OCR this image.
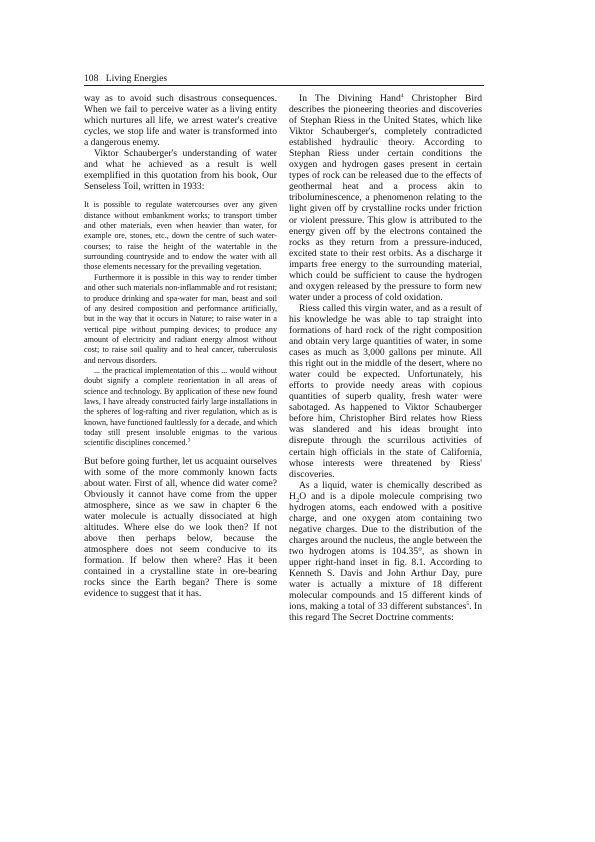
108 Living Energies

way as to avoid such disastrous consequences. When we fail to perceive water as a living entity which nurtures all life, we arrest water's creative cycles, we stop life and water is transformed into a dangerous enemy.

Viktor Schauberger's understanding of water and what he achieved as a result is well exemplified in this quotation from his book, Our Senseless Toil, written in 1933:

It is possible to regulate watercourses over any given distance without embankment works; to transport timber and other materials, even when heavier than water, for example ore, stones, etc., down the centre of such water-courses; to raise the height of the watertable in the surrounding countryside and to endow the water with all those elements necessary for the prevailing vegetation.

Furthermore it is possible in this way to render timber and other such materials non-inflammable and rot resistant; to produce drinking and spa-water for man, beast and soil of any desired composition and performance artificially, but in the way that it occurs in Nature; to raise water in a vertical pipe without pumping devices; to produce any amount of electricity and radiant energy almost without cost; to raise soil quality and to heal cancer, tuberculosis and nervous disorders.

... the practical implementation of this ... would without doubt signify a complete reorientation in all areas of science and technology. By application of these new found laws, I have already constructed fairly large installations in the spheres of log-rafting and river regulation, which as is known, have functioned faultlessly for a decade, and which today still present insoluble enigmas to the various scientific disciplines concerned.$^3$

But before going further, let us acquaint ourselves with some of the more commonly known facts about water. First of all, whence did water come? Obviously it cannot have come from the upper atmosphere, since as we saw in chapter 6 the water molecule is actually dissociated at high altitudes. Where else do we look then? If not above then perhaps below, because the atmosphere does not seem conducive to its formation. If below then where? Has it been contained in a crystalline state in ore-bearing rocks since the Earth began? There is some evidence to suggest that it has.

In The Divining Hand$^4$ Christopher Bird describes the pioneering theories and discoveries of Stephan Riess in the United States, which like Viktor Schauberger's, completely contradicted established hydraulic theory. According to Stephan Riess under certain conditions the oxygen and hydrogen gases present in certain types of rock can be released due to the effects of geothermal heat and a process akin to triboluminescence, a phenomenon relating to the light given off by crystalline rocks under friction or violent pressure. This glow is attributed to the energy given off by the electrons contained the rocks as they return from a pressure-induced, excited state to their rest orbits. As a discharge it imparts free energy to the surrounding material, which could be sufficient to cause the hydrogen and oxygen released by the pressure to form new water under a process of cold oxidation.

Riess called this virgin water, and as a result of his knowledge he was able to tap straight into formations of hard rock of the right composition and obtain very large quantities of water, in some cases as much as 3,000 gallons per minute. All this right out in the middle of the desert, where no water could be expected. Unfortunately, his efforts to provide needy areas with copious quantities of superb quality, fresh water were sabotaged. As happened to Viktor Schauberger before him, Christopher Bird relates how Riess was slandered and his ideas brought into disrepute through the scurrilous activities of certain high officials in the state of California, whose interests were threatened by Riess' discoveries.

As a liquid, water is chemically described as $H_2O$ and is a dipole molecule comprising two hydrogen atoms, each endowed with a positive charge, and one oxygen atom containing two negative charges. Due to the distribution of the charges around the nucleus, the angle between the two hydrogen atoms is 104.35°, as shown in upper right-hand inset in fig. 8.1. According to Kenneth S. Davis and John Arthur Day, pure water is actually a mixture of 18 different molecular compounds and 15 different kinds of ions, making a total of 33 different substances$^5$. In this regard The Secret Doctrine comments:
